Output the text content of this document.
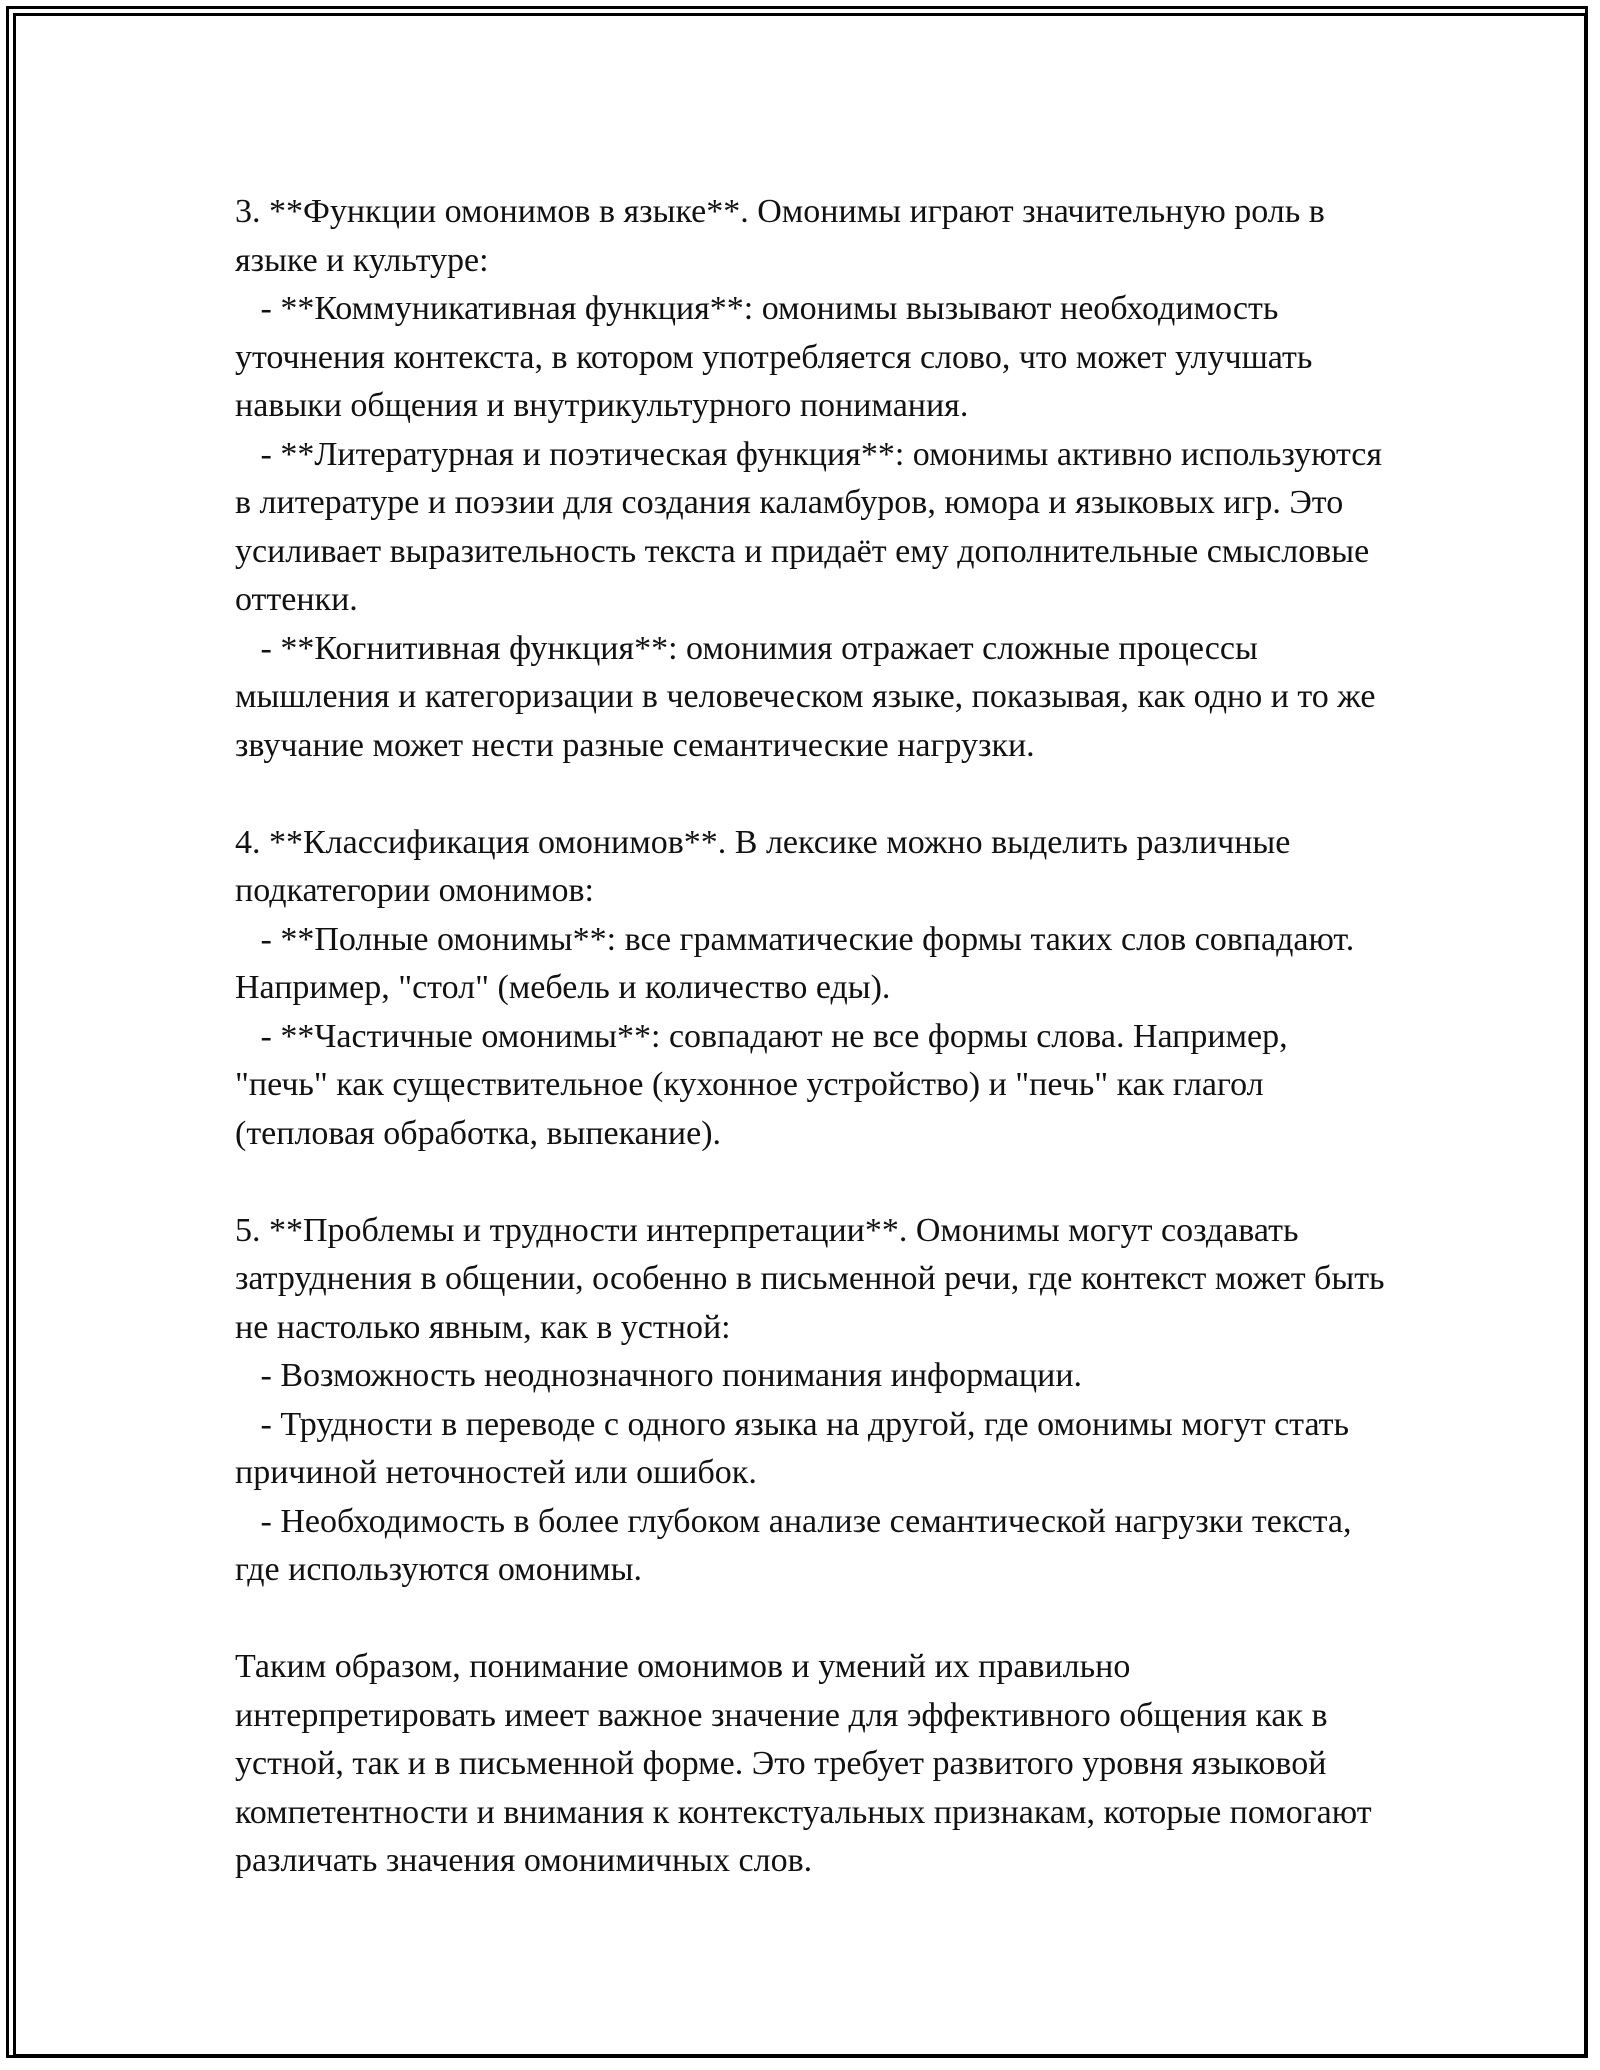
3. **Функции омонимов в языке**. Омонимы играют значительную роль в языке и культуре:

- **Коммуникативная функция**: омонимы вызывают необходимость уточнения контекста, в котором употребляется слово, что может улучшать навыки общения и внутрикультурного понимания.

- **Литературная и поэтическая функция**: омонимы активно используются в литературе и поэзии для создания каламбуров, юмора и языковых игр. Это усиливает выразительность текста и придаёт ему дополнительные смысловые оттенки.

- **Когнитивная функция**: омонимия отражает сложные процессы мышления и категоризации в человеческом языке, показывая, как одно и то же звучание может нести разные семантические нагрузки.

4. **Классификация омонимов**. В лексике можно выделить различные подкатегории омонимов:

- **Полные омонимы**: все грамматические формы таких слов совпадают. Например, "стол" (мебель и количество еды).

- **Частичные омонимы**: совпадают не все формы слова. Например, "печь" как существительное (кухонное устройство) и "печь" как глагол (тепловая обработка, выпекание).

5. **Проблемы и трудности интерпретации**. Омонимы могут создавать затруднения в общении, особенно в письменной речи, где контекст может быть не настолько явным, как в устной:

- Возможность неоднозначного понимания информации.

- Трудности в переводе с одного языка на другой, где омонимы могут стать причиной неточностей или ошибок.

- Необходимость в более глубоком анализе семантической нагрузки текста, где используются омонимы.

Таким образом, понимание омонимов и умений их правильно интерпретировать имеет важное значение для эффективного общения как в устной, так и в письменной форме. Это требует развитого уровня языковой компетентности и внимания к контекстуальных признакам, которые помогают различать значения омонимичных слов.
